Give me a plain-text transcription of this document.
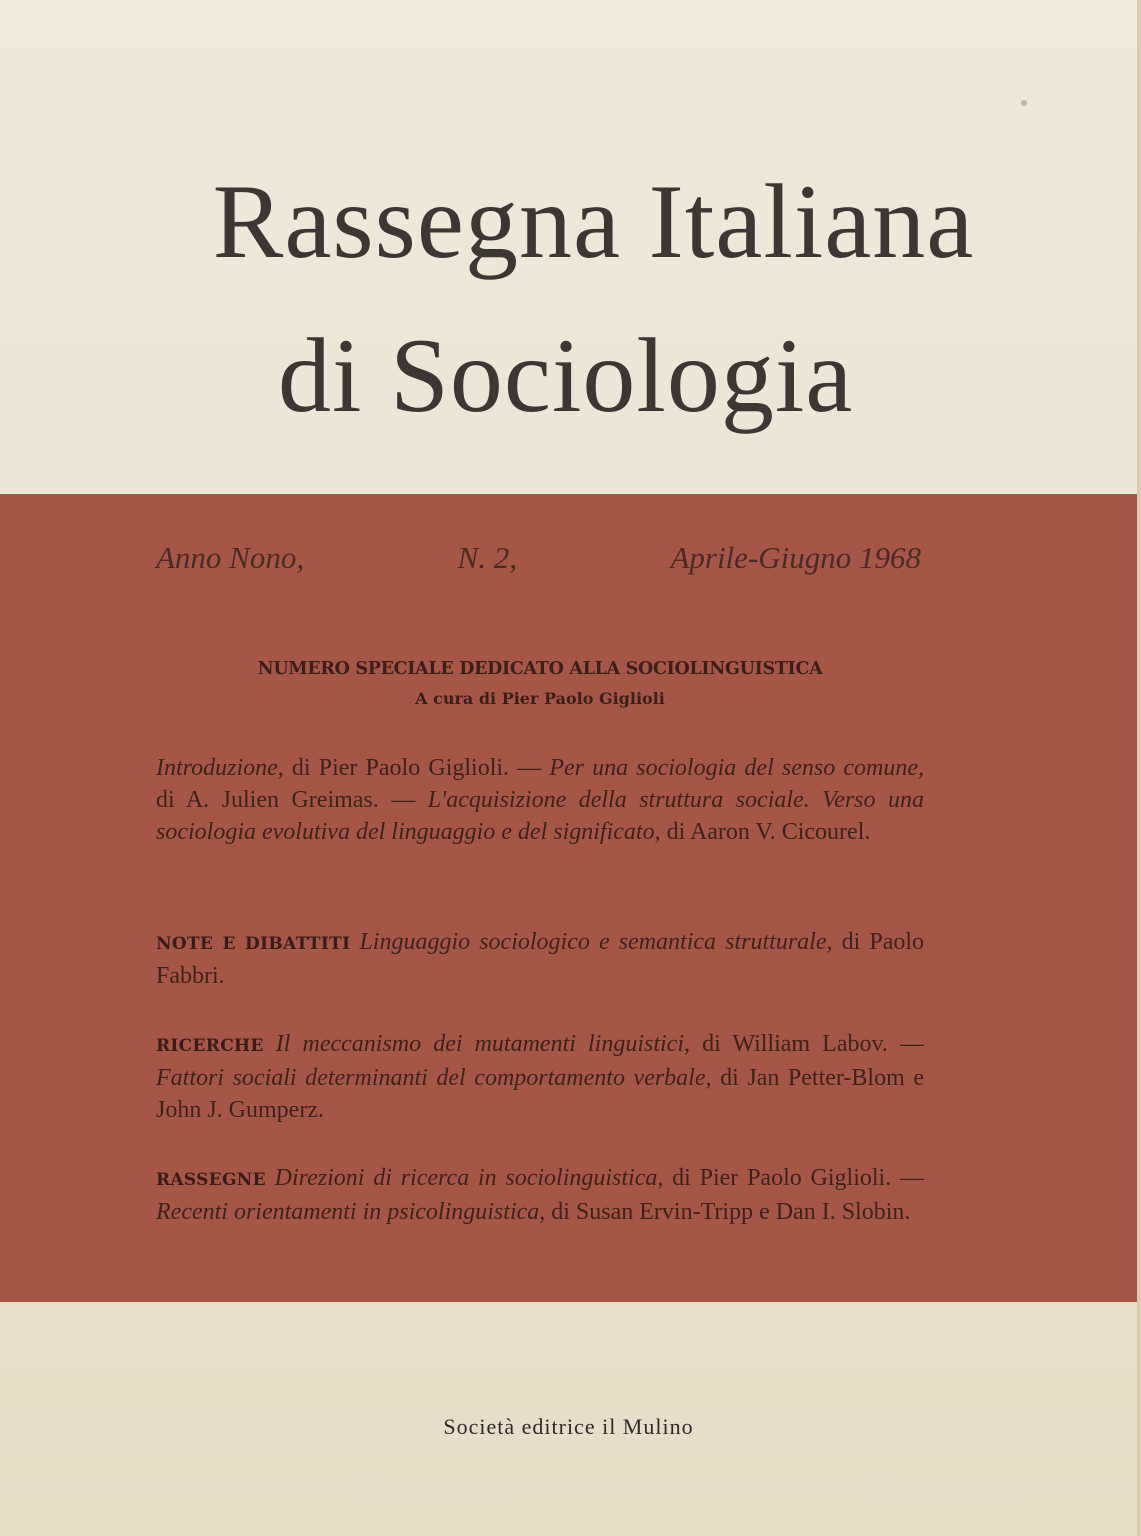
Rassegna Italiana
di Sociologia
Anno Nono,	N. 2,	Aprile-Giugno 1968
NUMERO SPECIALE DEDICATO ALLA SOCIOLINGUISTICA
A cura di Pier Paolo Giglioli
Introduzione, di Pier Paolo Giglioli. — Per una sociologia del senso comune, di A. Julien Greimas. — L'acquisizione della struttura sociale. Verso una sociologia evolutiva del linguaggio e del significato, di Aaron V. Cicourel.
NOTE E DIBATTITI Linguaggio sociologico e semantica strutturale, di Paolo Fabbri.
RICERCHE Il meccanismo dei mutamenti linguistici, di William Labov. — Fattori sociali determinanti del comportamento verbale, di Jan Petter-Blom e John J. Gumperz.
RASSEGNE Direzioni di ricerca in sociolinguistica, di Pier Paolo Giglioli. — Recenti orientamenti in psicolinguistica, di Susan Ervin-Tripp e Dan I. Slobin.
Società editrice il Mulino
